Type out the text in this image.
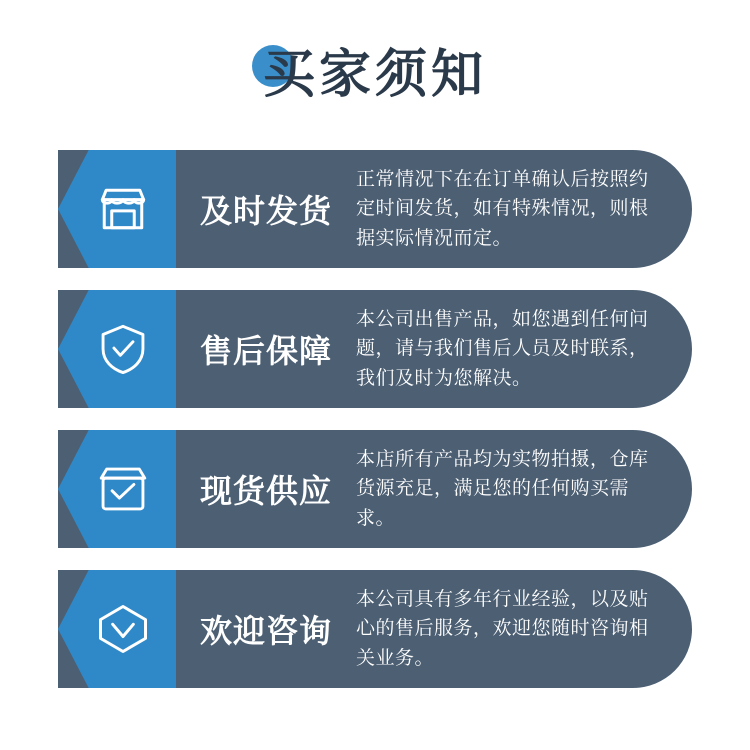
买家须知
及时发货
正常情况下在在订单确认后按照约定时间发货，如有特殊情况，则根据实际情况而定。
售后保障
本公司出售产品，如您遇到任何问题，请与我们售后人员及时联系，我们及时为您解决。
现货供应
本店所有产品均为实物拍摄，仓库货源充足，满足您的任何购买需求。
欢迎咨询
本公司具有多年行业经验，以及贴心的售后服务，欢迎您随时咨询相关业务。
